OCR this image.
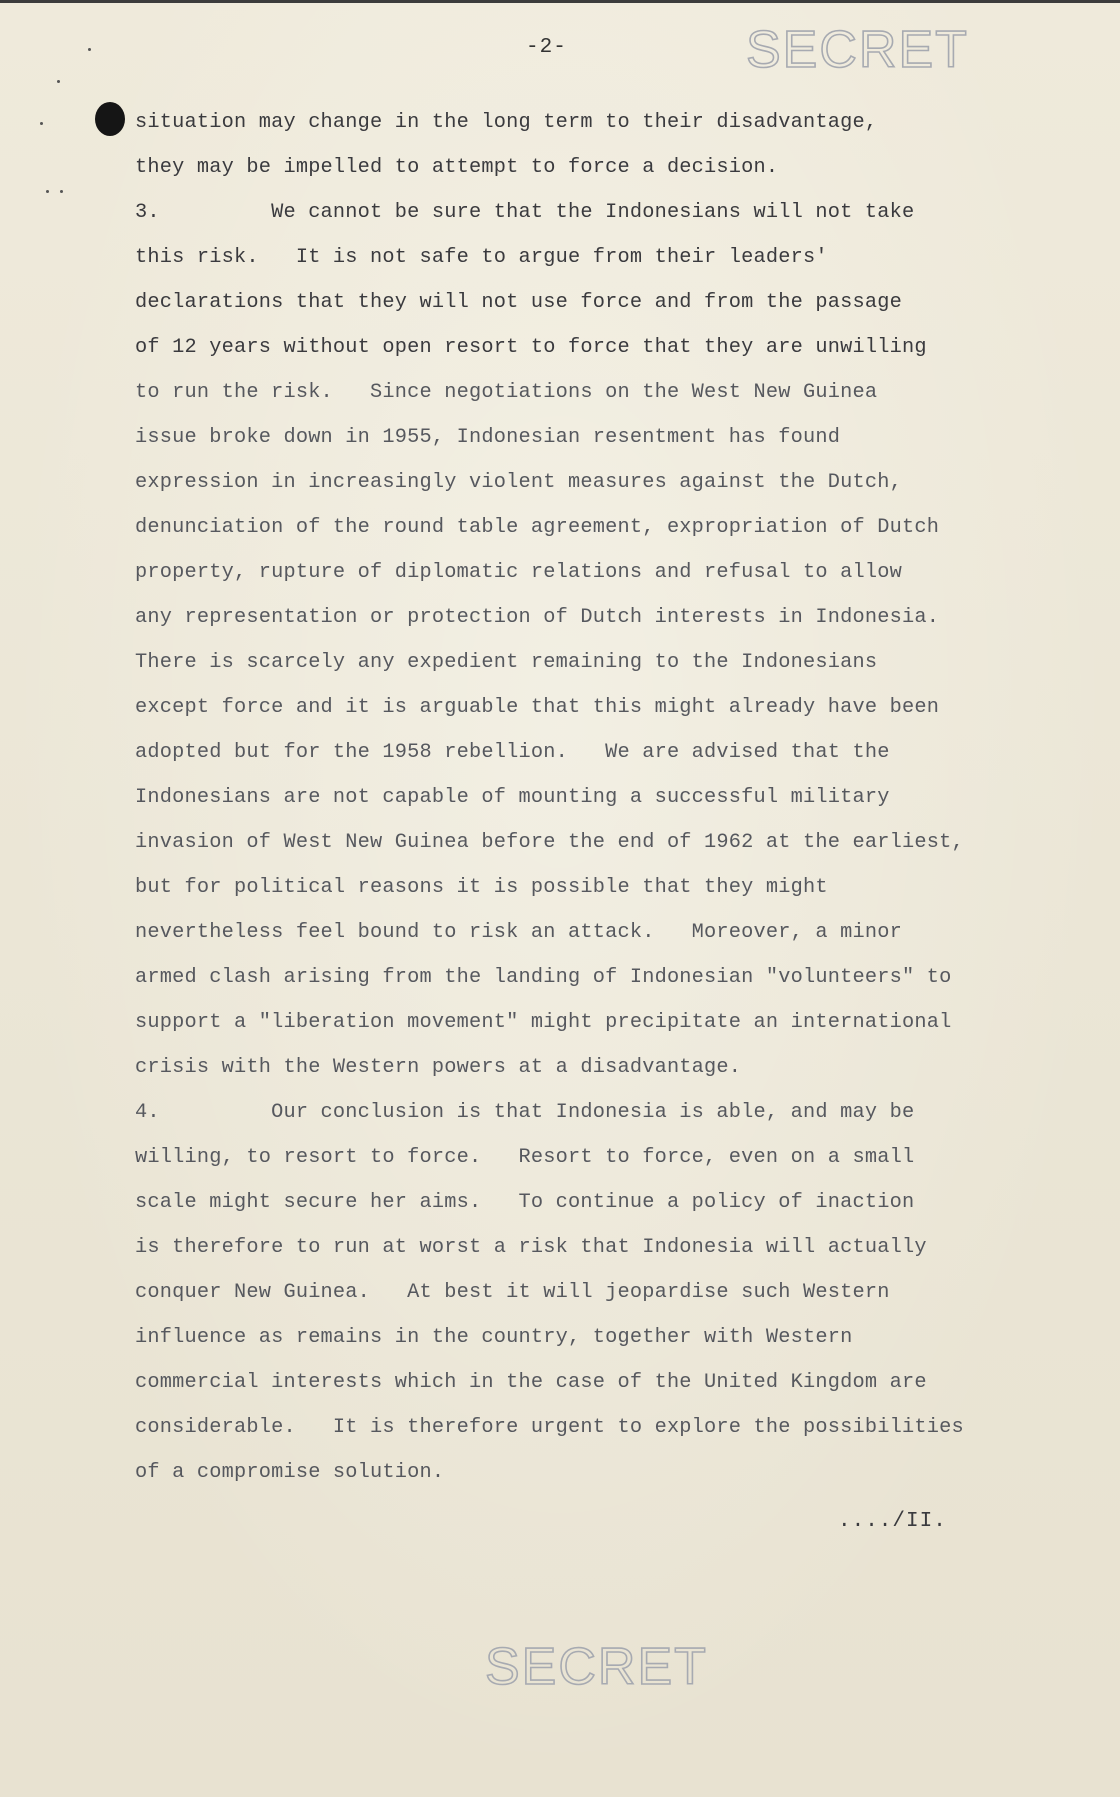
-2-	SECRET
situation may change in the long term to their disadvantage,
they may be impelled to attempt to force a decision.
3.         We cannot be sure that the Indonesians will not take
this risk.   It is not safe to argue from their leaders'
declarations that they will not use force and from the passage
of 12 years without open resort to force that they are unwilling
to run the risk.   Since negotiations on the West New Guinea
issue broke down in 1955, Indonesian resentment has found
expression in increasingly violent measures against the Dutch,
denunciation of the round table agreement, expropriation of Dutch
property, rupture of diplomatic relations and refusal to allow
any representation or protection of Dutch interests in Indonesia.
There is scarcely any expedient remaining to the Indonesians
except force and it is arguable that this might already have been
adopted but for the 1958 rebellion.   We are advised that the
Indonesians are not capable of mounting a successful military
invasion of West New Guinea before the end of 1962 at the earliest,
but for political reasons it is possible that they might
nevertheless feel bound to risk an attack.   Moreover, a minor
armed clash arising from the landing of Indonesian "volunteers" to
support a "liberation movement" might precipitate an international
crisis with the Western powers at a disadvantage.
4.         Our conclusion is that Indonesia is able, and may be
willing, to resort to force.   Resort to force, even on a small
scale might secure her aims.   To continue a policy of inaction
is therefore to run at worst a risk that Indonesia will actually
conquer New Guinea.   At best it will jeopardise such Western
influence as remains in the country, together with Western
commercial interests which in the case of the United Kingdom are
considerable.   It is therefore urgent to explore the possibilities
of a compromise solution.
..../II.
SECRET
